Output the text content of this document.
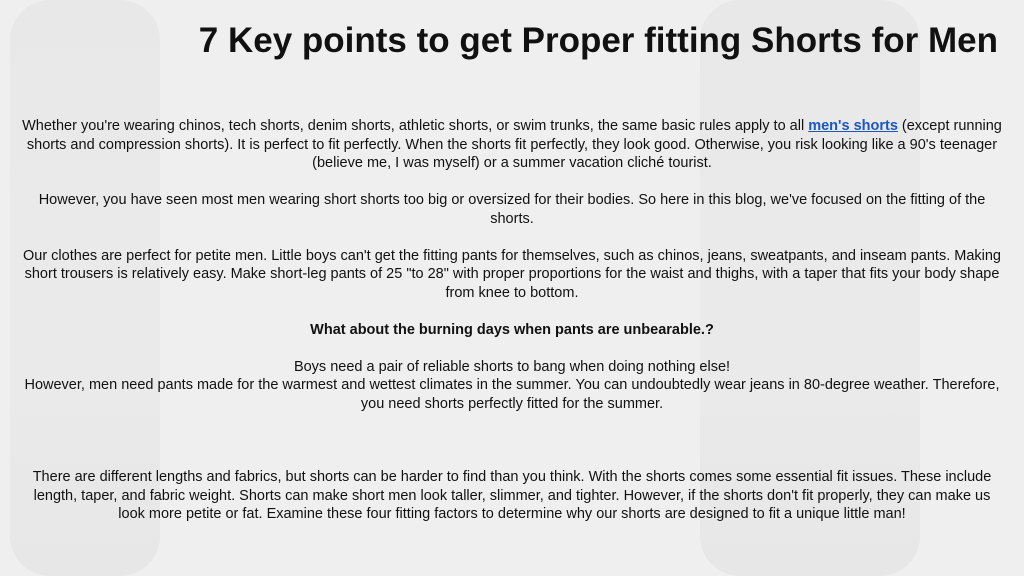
7 Key points to get Proper fitting Shorts for Men

Whether you're wearing chinos, tech shorts, denim shorts, athletic shorts, or swim trunks, the same basic rules apply to all men's shorts (except running shorts and compression shorts). It is perfect to fit perfectly. When the shorts fit perfectly, they look good. Otherwise, you risk looking like a 90's teenager (believe me, I was myself) or a summer vacation cliché tourist.

However, you have seen most men wearing short shorts too big or oversized for their bodies. So here in this blog, we've focused on the fitting of the shorts.

Our clothes are perfect for petite men. Little boys can't get the fitting pants for themselves, such as chinos, jeans, sweatpants, and inseam pants. Making short trousers is relatively easy. Make short-leg pants of 25 "to 28" with proper proportions for the waist and thighs, with a taper that fits your body shape from knee to bottom.

What about the burning days when pants are unbearable.?

Boys need a pair of reliable shorts to bang when doing nothing else!

However, men need pants made for the warmest and wettest climates in the summer. You can undoubtedly wear jeans in 80-degree weather. Therefore, you need shorts perfectly fitted for the summer.

There are different lengths and fabrics, but shorts can be harder to find than you think. With the shorts comes some essential fit issues. These include length, taper, and fabric weight. Shorts can make short men look taller, slimmer, and tighter. However, if the shorts don't fit properly, they can make us look more petite or fat. Examine these four fitting factors to determine why our shorts are designed to fit a unique little man!
